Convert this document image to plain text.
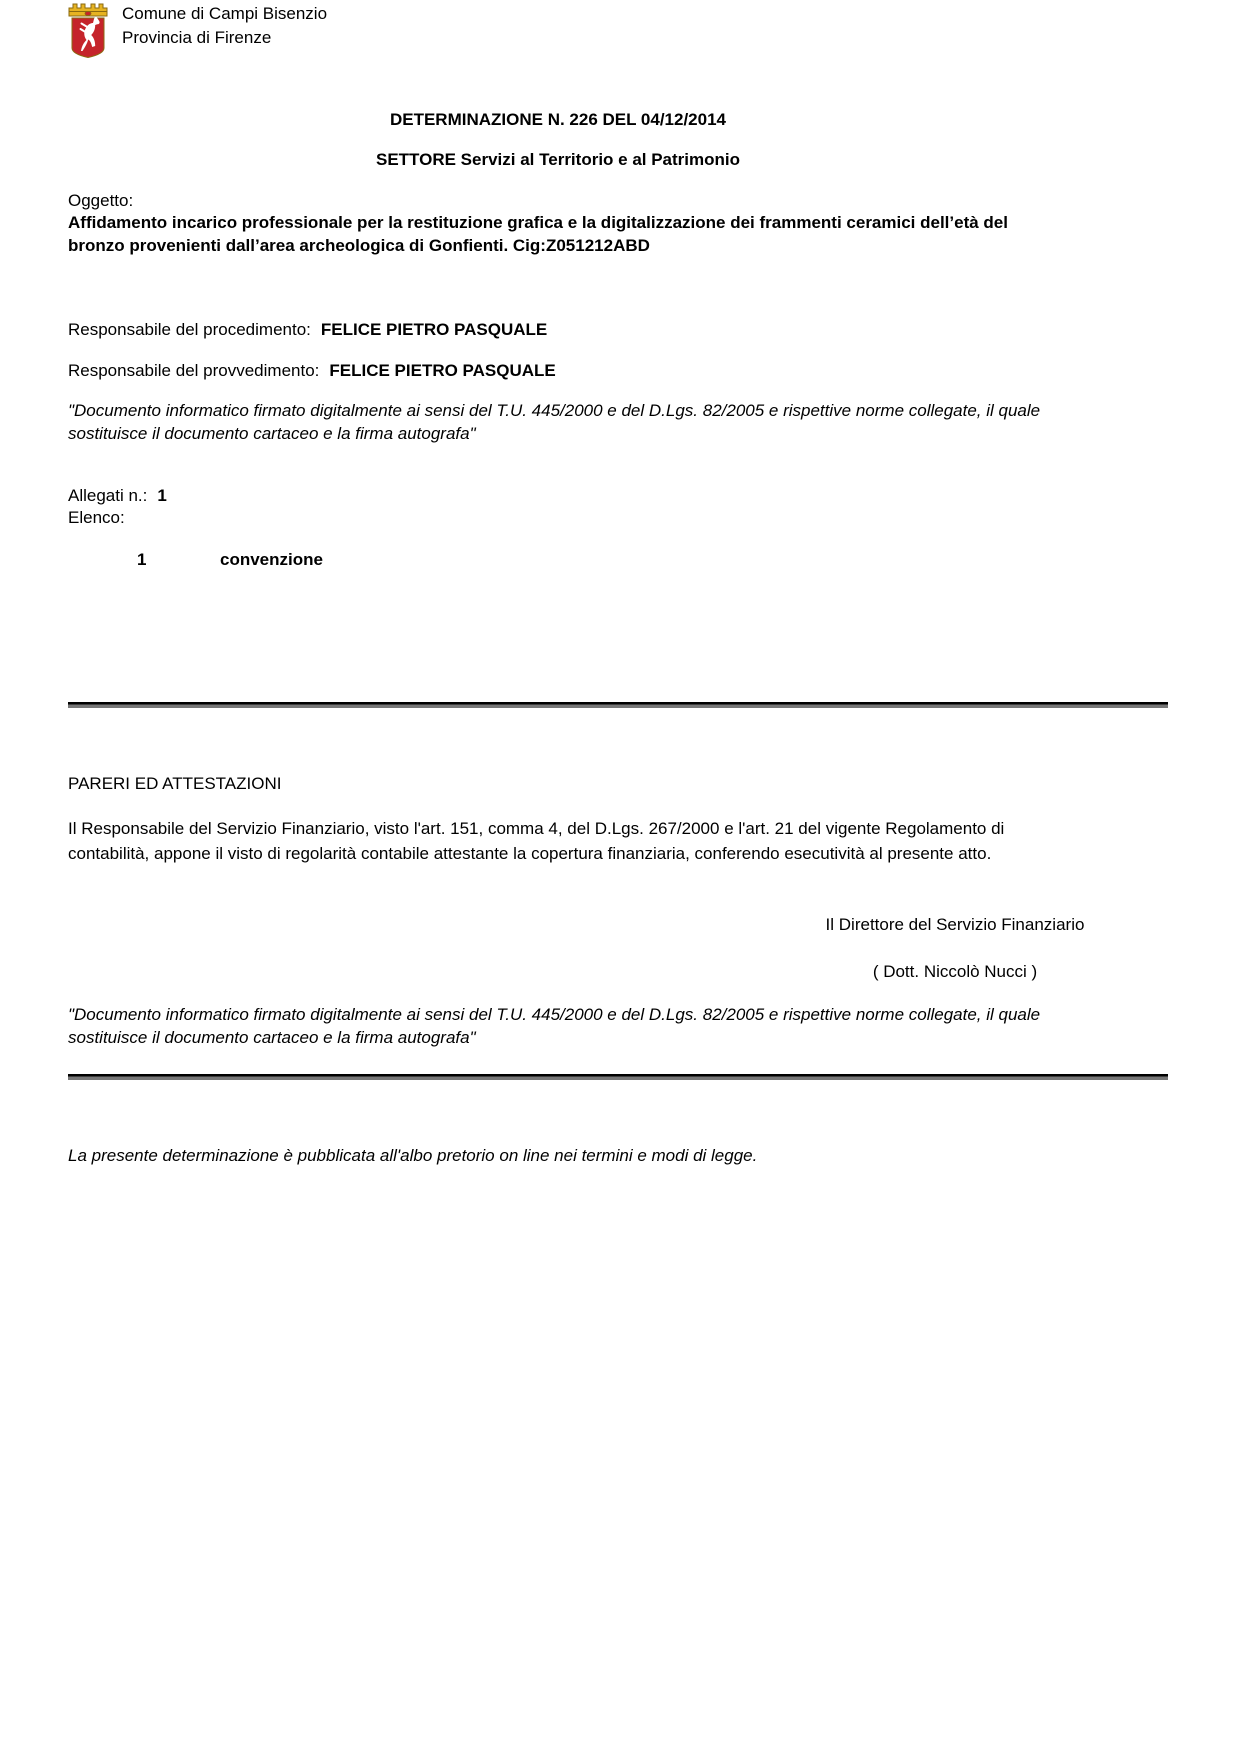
Comune di Campi Bisenzio
Provincia di Firenze
DETERMINAZIONE N. 226 DEL 04/12/2014
SETTORE Servizi al Territorio e al Patrimonio
Oggetto:
Affidamento incarico professionale per la restituzione grafica e la digitalizzazione dei frammenti ceramici dell’età del bronzo provenienti dall’area archeologica di Gonfienti. Cig:Z051212ABD
Responsabile del procedimento: FELICE PIETRO PASQUALE
Responsabile del provvedimento: FELICE PIETRO PASQUALE
"Documento informatico firmato digitalmente ai sensi del T.U. 445/2000 e del D.Lgs. 82/2005 e rispettive norme collegate, il quale sostituisce il documento cartaceo e la firma autografa"
Allegati n.: 1
Elenco:
1	convenzione
PARERI ED ATTESTAZIONI
Il Responsabile del Servizio Finanziario, visto l'art. 151, comma 4, del D.Lgs. 267/2000 e l'art. 21 del vigente Regolamento di contabilità, appone il visto di regolarità contabile attestante la copertura finanziaria, conferendo esecutività al presente atto.
Il Direttore del Servizio Finanziario
( Dott. Niccolò Nucci )
"Documento informatico firmato digitalmente ai sensi del T.U. 445/2000 e del D.Lgs. 82/2005 e rispettive norme collegate, il quale sostituisce il documento cartaceo e la firma autografa"
La presente determinazione è pubblicata all'albo pretorio on line nei termini e modi di legge.
